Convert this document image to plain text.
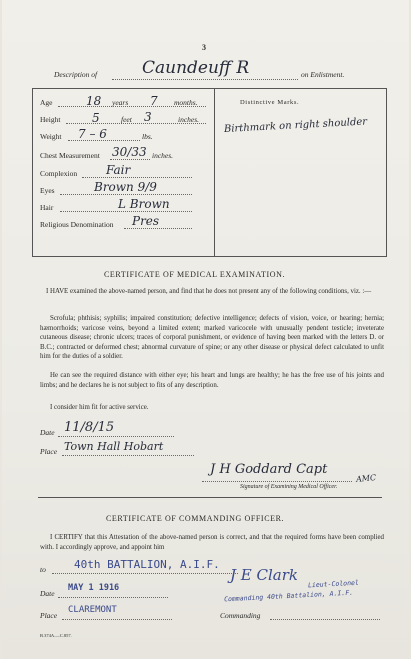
3
Description of	Caundeuff R	on Enlistment.
Age	18 years 7 months.
Height	5	feet 3	inches.
Weight 7 – 6	lbs.
Chest Measurement 30/33 inches.
Complexion Fair
Eyes	Brown 9/9
Hair	L Brown
Religious Denomination Pres
Distinctive Marks.
Birthmark on right shoulder
CERTIFICATE OF MEDICAL EXAMINATION.
I HAVE examined the above-named person, and find that he does not present any of the following conditions, viz. :—
Scrofula; phthisis; syphilis; impaired constitution; defective intelligence; defects of vision, voice, or hearing; hernia; hæmorrhoids; varicose veins, beyond a limited extent; marked varicocele with unusually pendent testicle; inveterate cutaneous disease; chronic ulcers; traces of corporal punishment, or evidence of having been marked with the letters D. or B.C.; contracted or deformed chest; abnormal curvature of spine; or any other disease or physical defect calculated to unfit him for the duties of a soldier.
He can see the required distance with either eye; his heart and lungs are healthy; he has the free use of his joints and limbs; and he declares he is not subject to fits of any description.
I consider him fit for active service.
Date 11/8/15
Place Town Hall Hobart
J H Goddard Capt
AMC
Signature of Examining Medical Officer.
CERTIFICATE OF COMMANDING OFFICER.
I CERTIFY that this Attestation of the above-named person is correct, and that the required forms have been complied with. I accordingly approve, and appoint him
to	40th BATTALION, A.I.F.
Date
MAY 1 1916
Place
CLAREMONT
J E Clark Lieut-Colonel
Commanding 40th Battalion, A.I.F.
Commanding
B.374A.—C.857.
